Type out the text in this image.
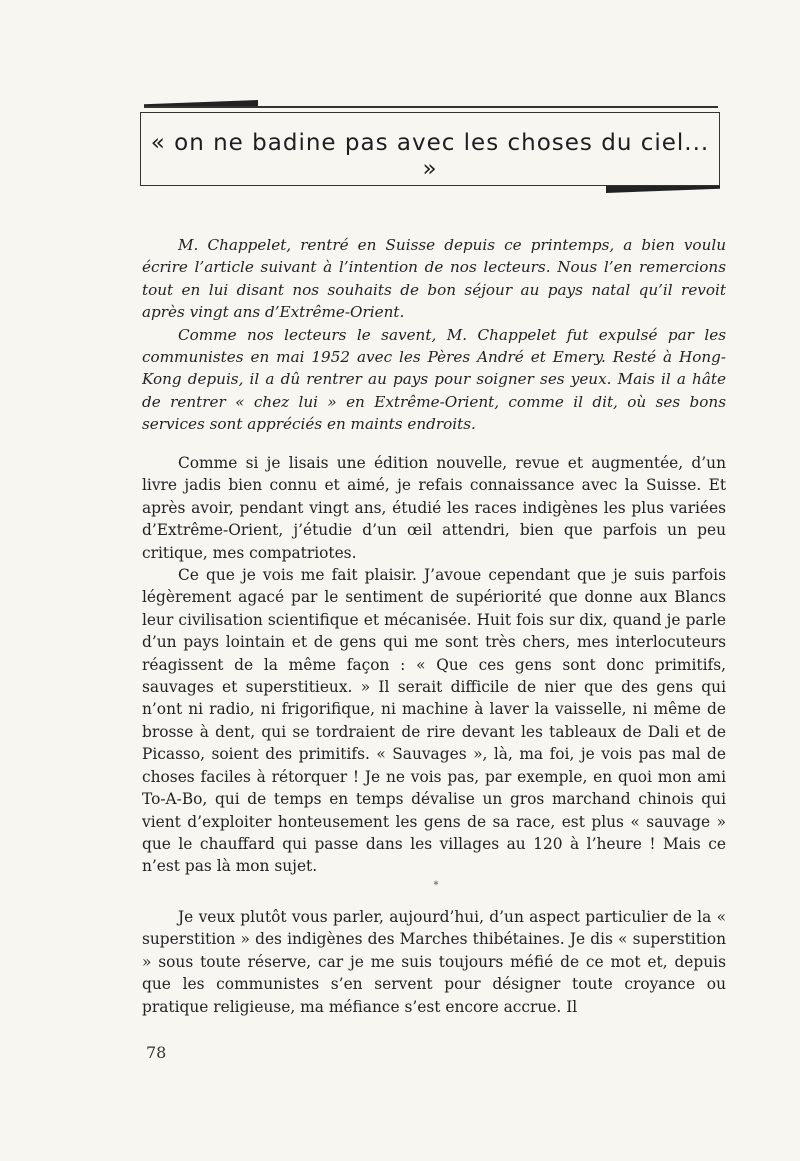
« on ne badine pas avec les choses du ciel... »

M. Chappelet, rentré en Suisse depuis ce printemps, a bien voulu écrire l’article suivant à l’intention de nos lecteurs. Nous l’en remercions tout en lui disant nos souhaits de bon séjour au pays natal qu’il revoit après vingt ans d’Extrême-Orient.

Comme nos lecteurs le savent, M. Chappelet fut expulsé par les communistes en mai 1952 avec les Pères André et Emery. Resté à Hong-Kong depuis, il a dû rentrer au pays pour soigner ses yeux. Mais il a hâte de rentrer « chez lui » en Extrême-Orient, comme il dit, où ses bons services sont appréciés en maints endroits.

Comme si je lisais une édition nouvelle, revue et augmentée, d’un livre jadis bien connu et aimé, je refais connaissance avec la Suisse. Et après avoir, pendant vingt ans, étudié les races indigènes les plus variées d’Extrême-Orient, j’étudie d’un œil attendri, bien que parfois un peu critique, mes compatriotes.

Ce que je vois me fait plaisir. J’avoue cependant que je suis parfois légèrement agacé par le sentiment de supériorité que donne aux Blancs leur civilisation scientifique et mécanisée. Huit fois sur dix, quand je parle d’un pays lointain et de gens qui me sont très chers, mes interlocuteurs réagissent de la même façon : « Que ces gens sont donc primitifs, sauvages et superstitieux. » Il serait difficile de nier que des gens qui n’ont ni radio, ni frigorifique, ni machine à laver la vaisselle, ni même de brosse à dent, qui se tordraient de rire devant les tableaux de Dali et de Picasso, soient des primitifs. « Sauvages », là, ma foi, je vois pas mal de choses faciles à rétorquer ! Je ne vois pas, par exemple, en quoi mon ami To-A-Bo, qui de temps en temps dévalise un gros marchand chinois qui vient d’exploiter honteusement les gens de sa race, est plus « sauvage » que le chauffard qui passe dans les villages au 120 à l’heure ! Mais ce n’est pas là mon sujet.

*

Je veux plutôt vous parler, aujourd’hui, d’un aspect particulier de la « superstition » des indigènes des Marches thibétaines. Je dis « superstition » sous toute réserve, car je me suis toujours méfié de ce mot et, depuis que les communistes s’en servent pour désigner toute croyance ou pratique religieuse, ma méfiance s’est encore accrue. Il

78
